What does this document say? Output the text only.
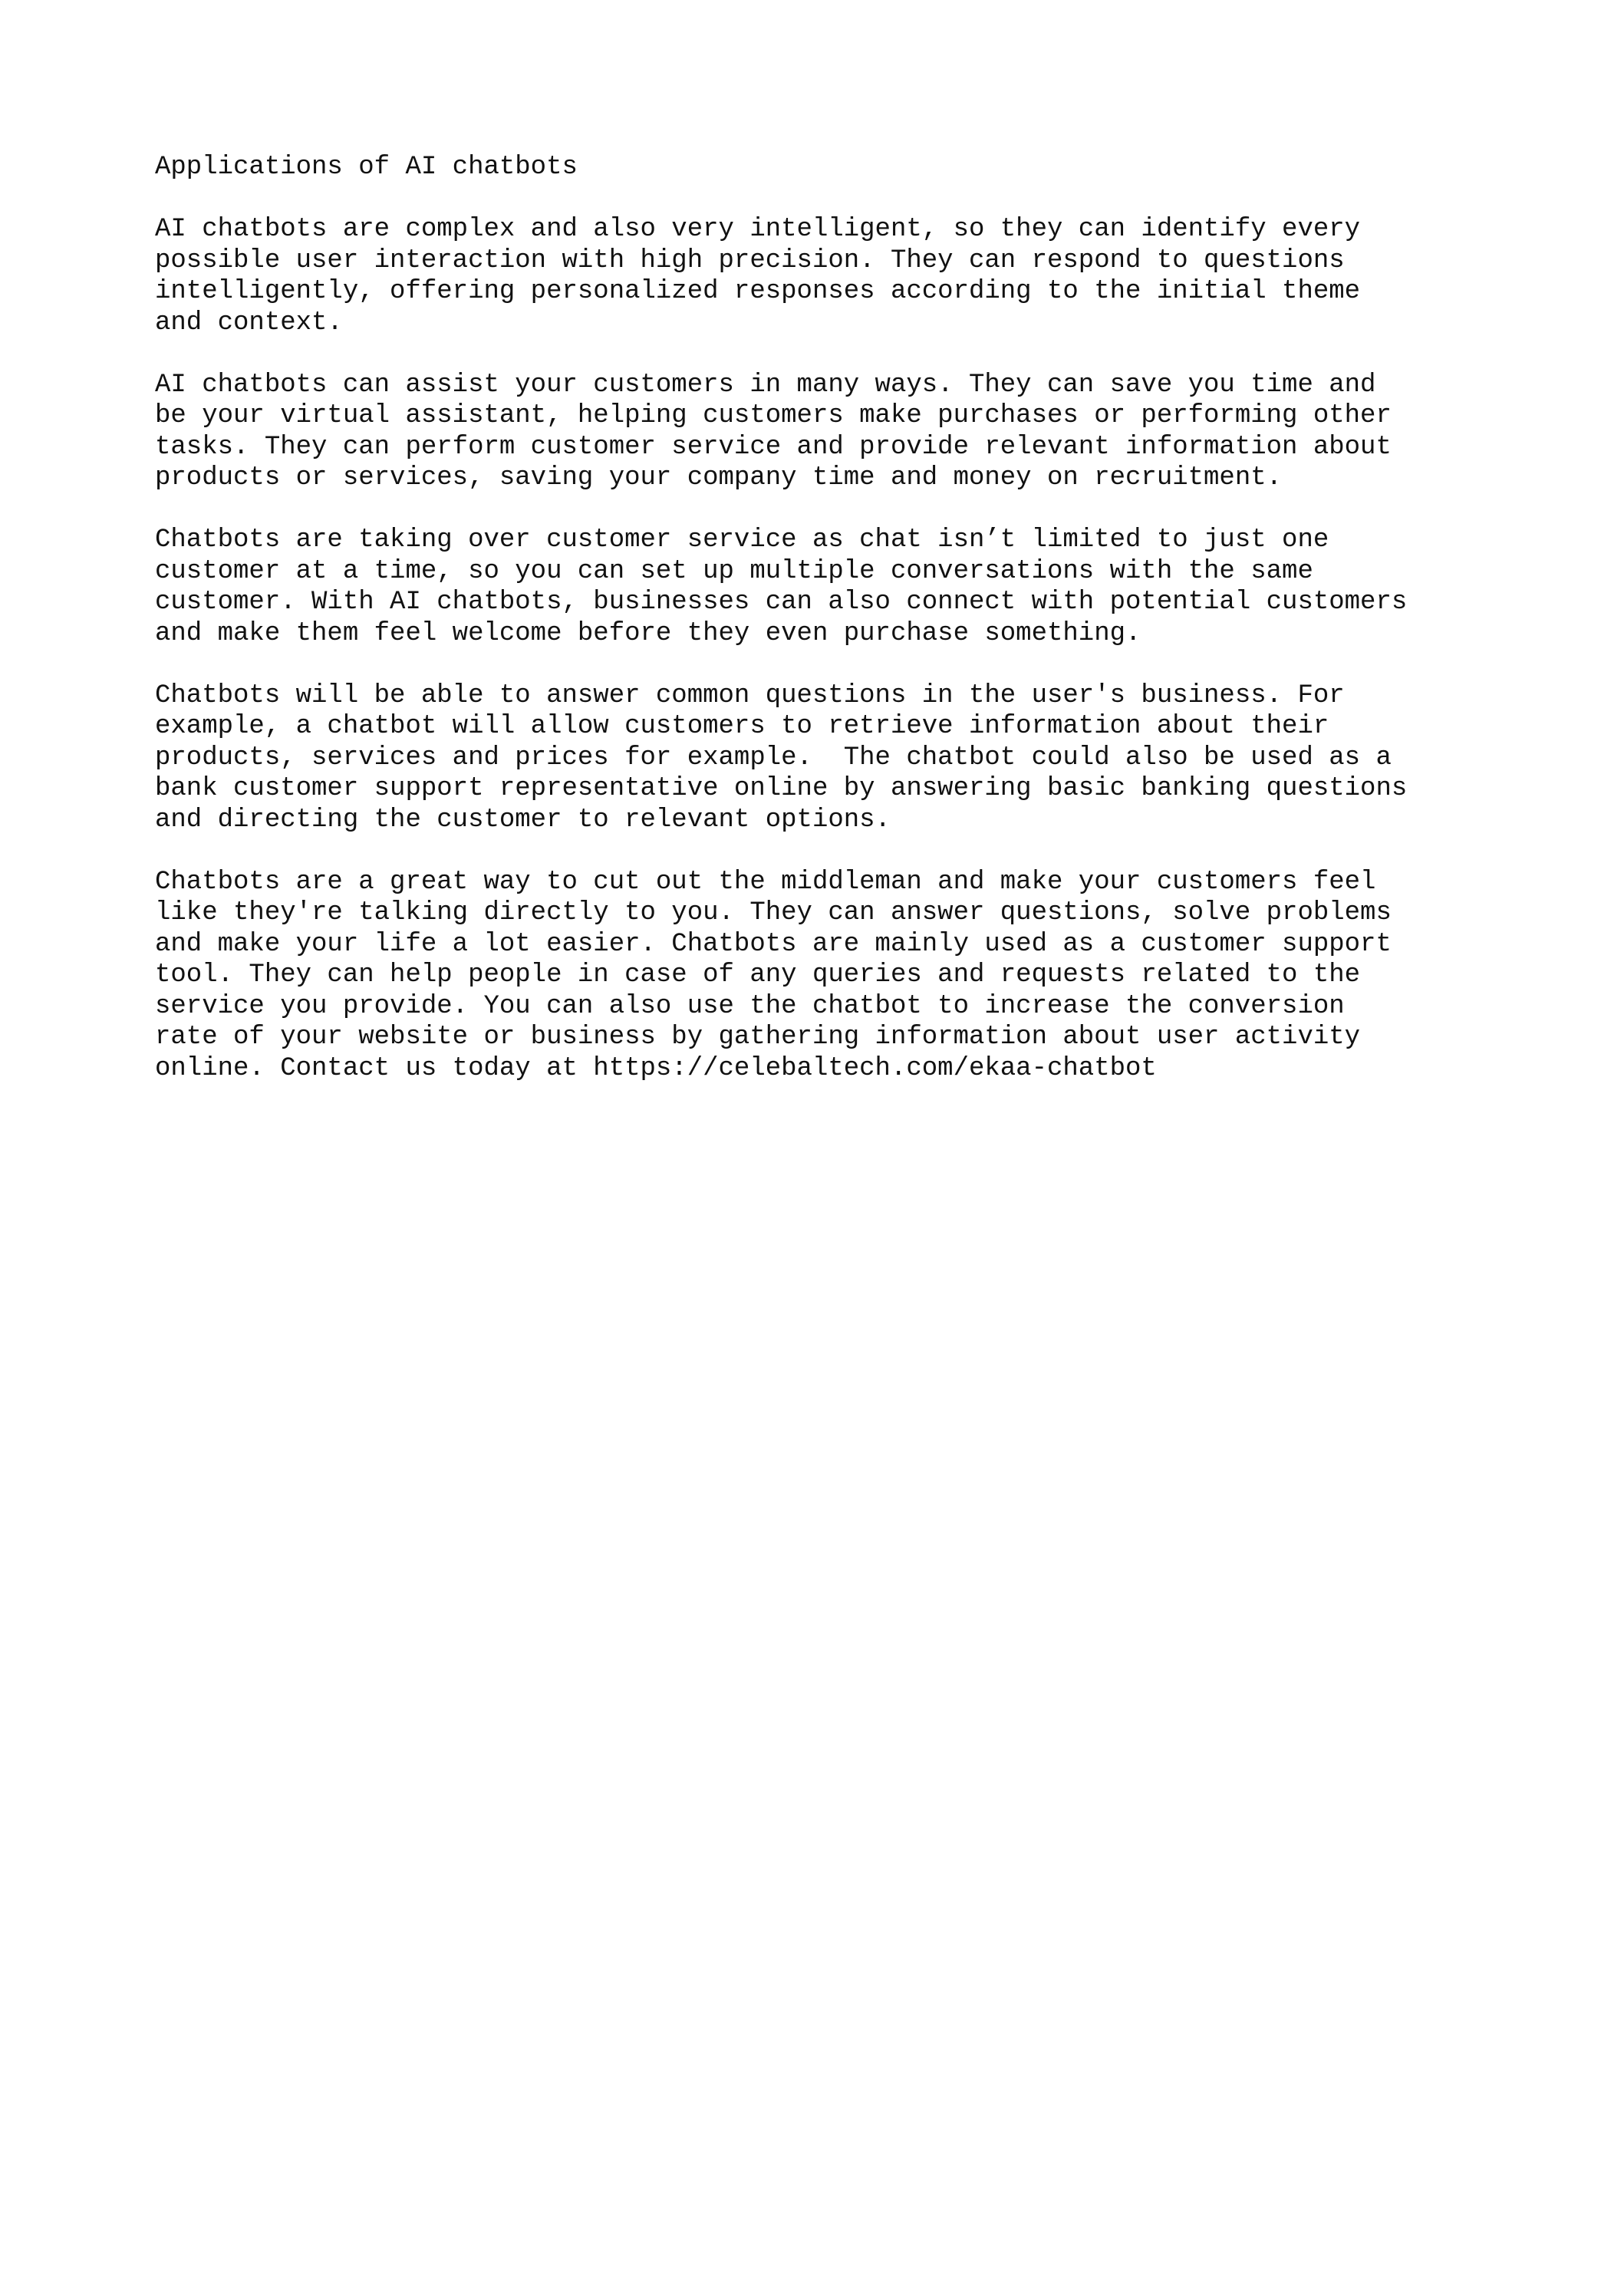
Applications of AI chatbots
AI chatbots are complex and also very intelligent, so they can identify every
possible user interaction with high precision. They can respond to questions
intelligently, offering personalized responses according to the initial theme
and context.
AI chatbots can assist your customers in many ways. They can save you time and
be your virtual assistant, helping customers make purchases or performing other
tasks. They can perform customer service and provide relevant information about
products or services, saving your company time and money on recruitment.
Chatbots are taking over customer service as chat isn’t limited to just one
customer at a time, so you can set up multiple conversations with the same
customer. With AI chatbots, businesses can also connect with potential customers
and make them feel welcome before they even purchase something.
Chatbots will be able to answer common questions in the user's business. For
example, a chatbot will allow customers to retrieve information about their
products, services and prices for example.  The chatbot could also be used as a
bank customer support representative online by answering basic banking questions
and directing the customer to relevant options.
Chatbots are a great way to cut out the middleman and make your customers feel
like they're talking directly to you. They can answer questions, solve problems
and make your life a lot easier. Chatbots are mainly used as a customer support
tool. They can help people in case of any queries and requests related to the
service you provide. You can also use the chatbot to increase the conversion
rate of your website or business by gathering information about user activity
online. Contact us today at https://celebaltech.com/ekaa-chatbot
